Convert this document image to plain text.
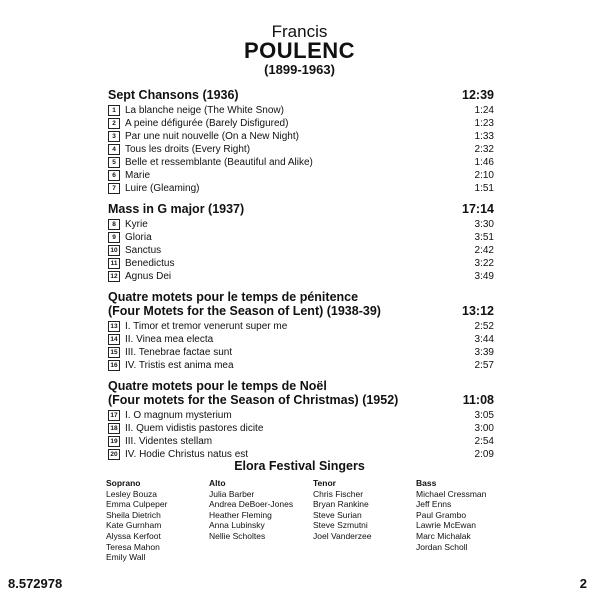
Francis
POULENC
(1899-1963)
Sept Chansons (1936)	12:39
1 La blanche neige (The White Snow)	1:24
2 A peine défigurée (Barely Disfigured)	1:23
3 Par une nuit nouvelle (On a New Night)	1:33
4 Tous les droits (Every Right)	2:32
5 Belle et ressemblante (Beautiful and Alike)	1:46
6 Marie	2:10
7 Luire (Gleaming)	1:51
Mass in G major (1937)	17:14
8 Kyrie	3:30
9 Gloria	3:51
10 Sanctus	2:42
11 Benedictus	3:22
12 Agnus Dei	3:49
Quatre motets pour le temps de pénitence
(Four Motets for the Season of Lent) (1938-39)	13:12
13 I. Timor et tremor venerunt super me	2:52
14 II. Vinea mea electa	3:44
15 III. Tenebrae factae sunt	3:39
16 IV. Tristis est anima mea	2:57
Quatre motets pour le temps de Noël
(Four motets for the Season of Christmas) (1952)	11:08
17 I. O magnum mysterium	3:05
18 II. Quem vidistis pastores dicite	3:00
19 III. Videntes stellam	2:54
20 IV. Hodie Christus natus est	2:09
Elora Festival Singers
Soprano
Lesley Bouza
Emma Culpeper
Sheila Dietrich
Kate Gurnham
Alyssa Kerfoot
Teresa Mahon
Emily Wall
Alto
Julia Barber
Andrea DeBoer-Jones
Heather Fleming
Anna Lubinsky
Nellie Scholtes
Tenor
Chris Fischer
Bryan Rankine
Steve Surian
Steve Szmutni
Joel Vanderzee
Bass
Michael Cressman
Jeff Enns
Paul Grambo
Lawrie McEwan
Marc Michalak
Jordan Scholl
8.572978	2
